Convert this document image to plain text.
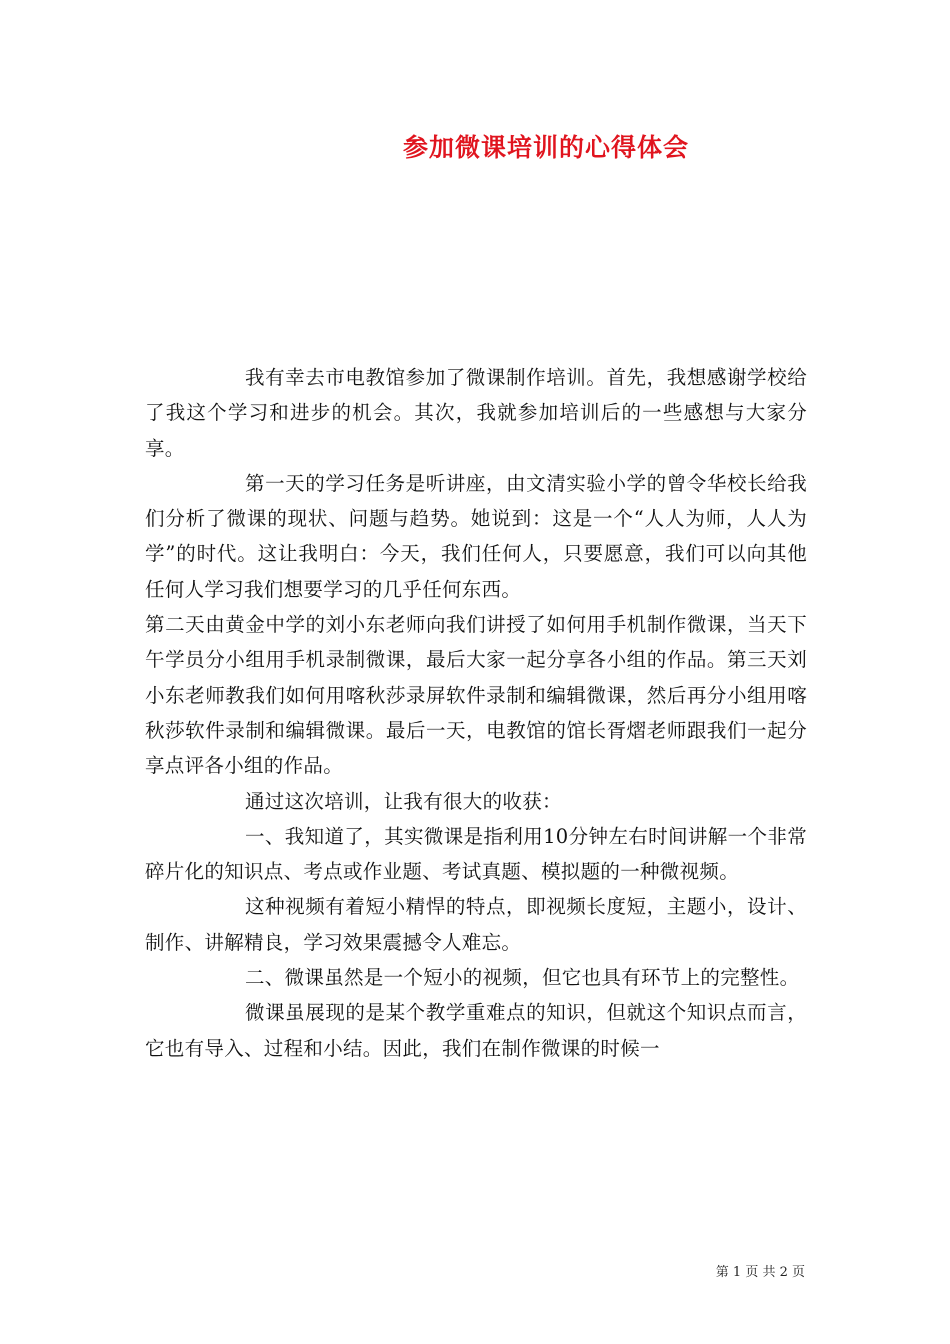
参加微课培训的心得体会

我有幸去市电教馆参加了微课制作培训。首先，我想感谢学校给了我这个学习和进步的机会。其次，我就参加培训后的一些感想与大家分享。

第一天的学习任务是听讲座，由文清实验小学的曾令华校长给我们分析了微课的现状、问题与趋势。她说到：这是一个“人人为师，人人为学”的时代。这让我明白：今天，我们任何人，只要愿意，我们可以向其他任何人学习我们想要学习的几乎任何东西。

第二天由黄金中学的刘小东老师向我们讲授了如何用手机制作微课，当天下午学员分小组用手机录制微课，最后大家一起分享各小组的作品。第三天刘小东老师教我们如何用喀秋莎录屏软件录制和编辑微课，然后再分小组用喀秋莎软件录制和编辑微课。最后一天，电教馆的馆长胥熠老师跟我们一起分享点评各小组的作品。

通过这次培训，让我有很大的收获：

一、我知道了，其实微课是指利用10分钟左右时间讲解一个非常碎片化的知识点、考点或作业题、考试真题、模拟题的一种微视频。

这种视频有着短小精悍的特点，即视频长度短，主题小，设计、制作、讲解精良，学习效果震撼令人难忘。

二、微课虽然是一个短小的视频，但它也具有环节上的完整性。

微课虽展现的是某个教学重难点的知识，但就这个知识点而言，它也有导入、过程和小结。因此，我们在制作微课的时候一

第 1 页 共 2 页
